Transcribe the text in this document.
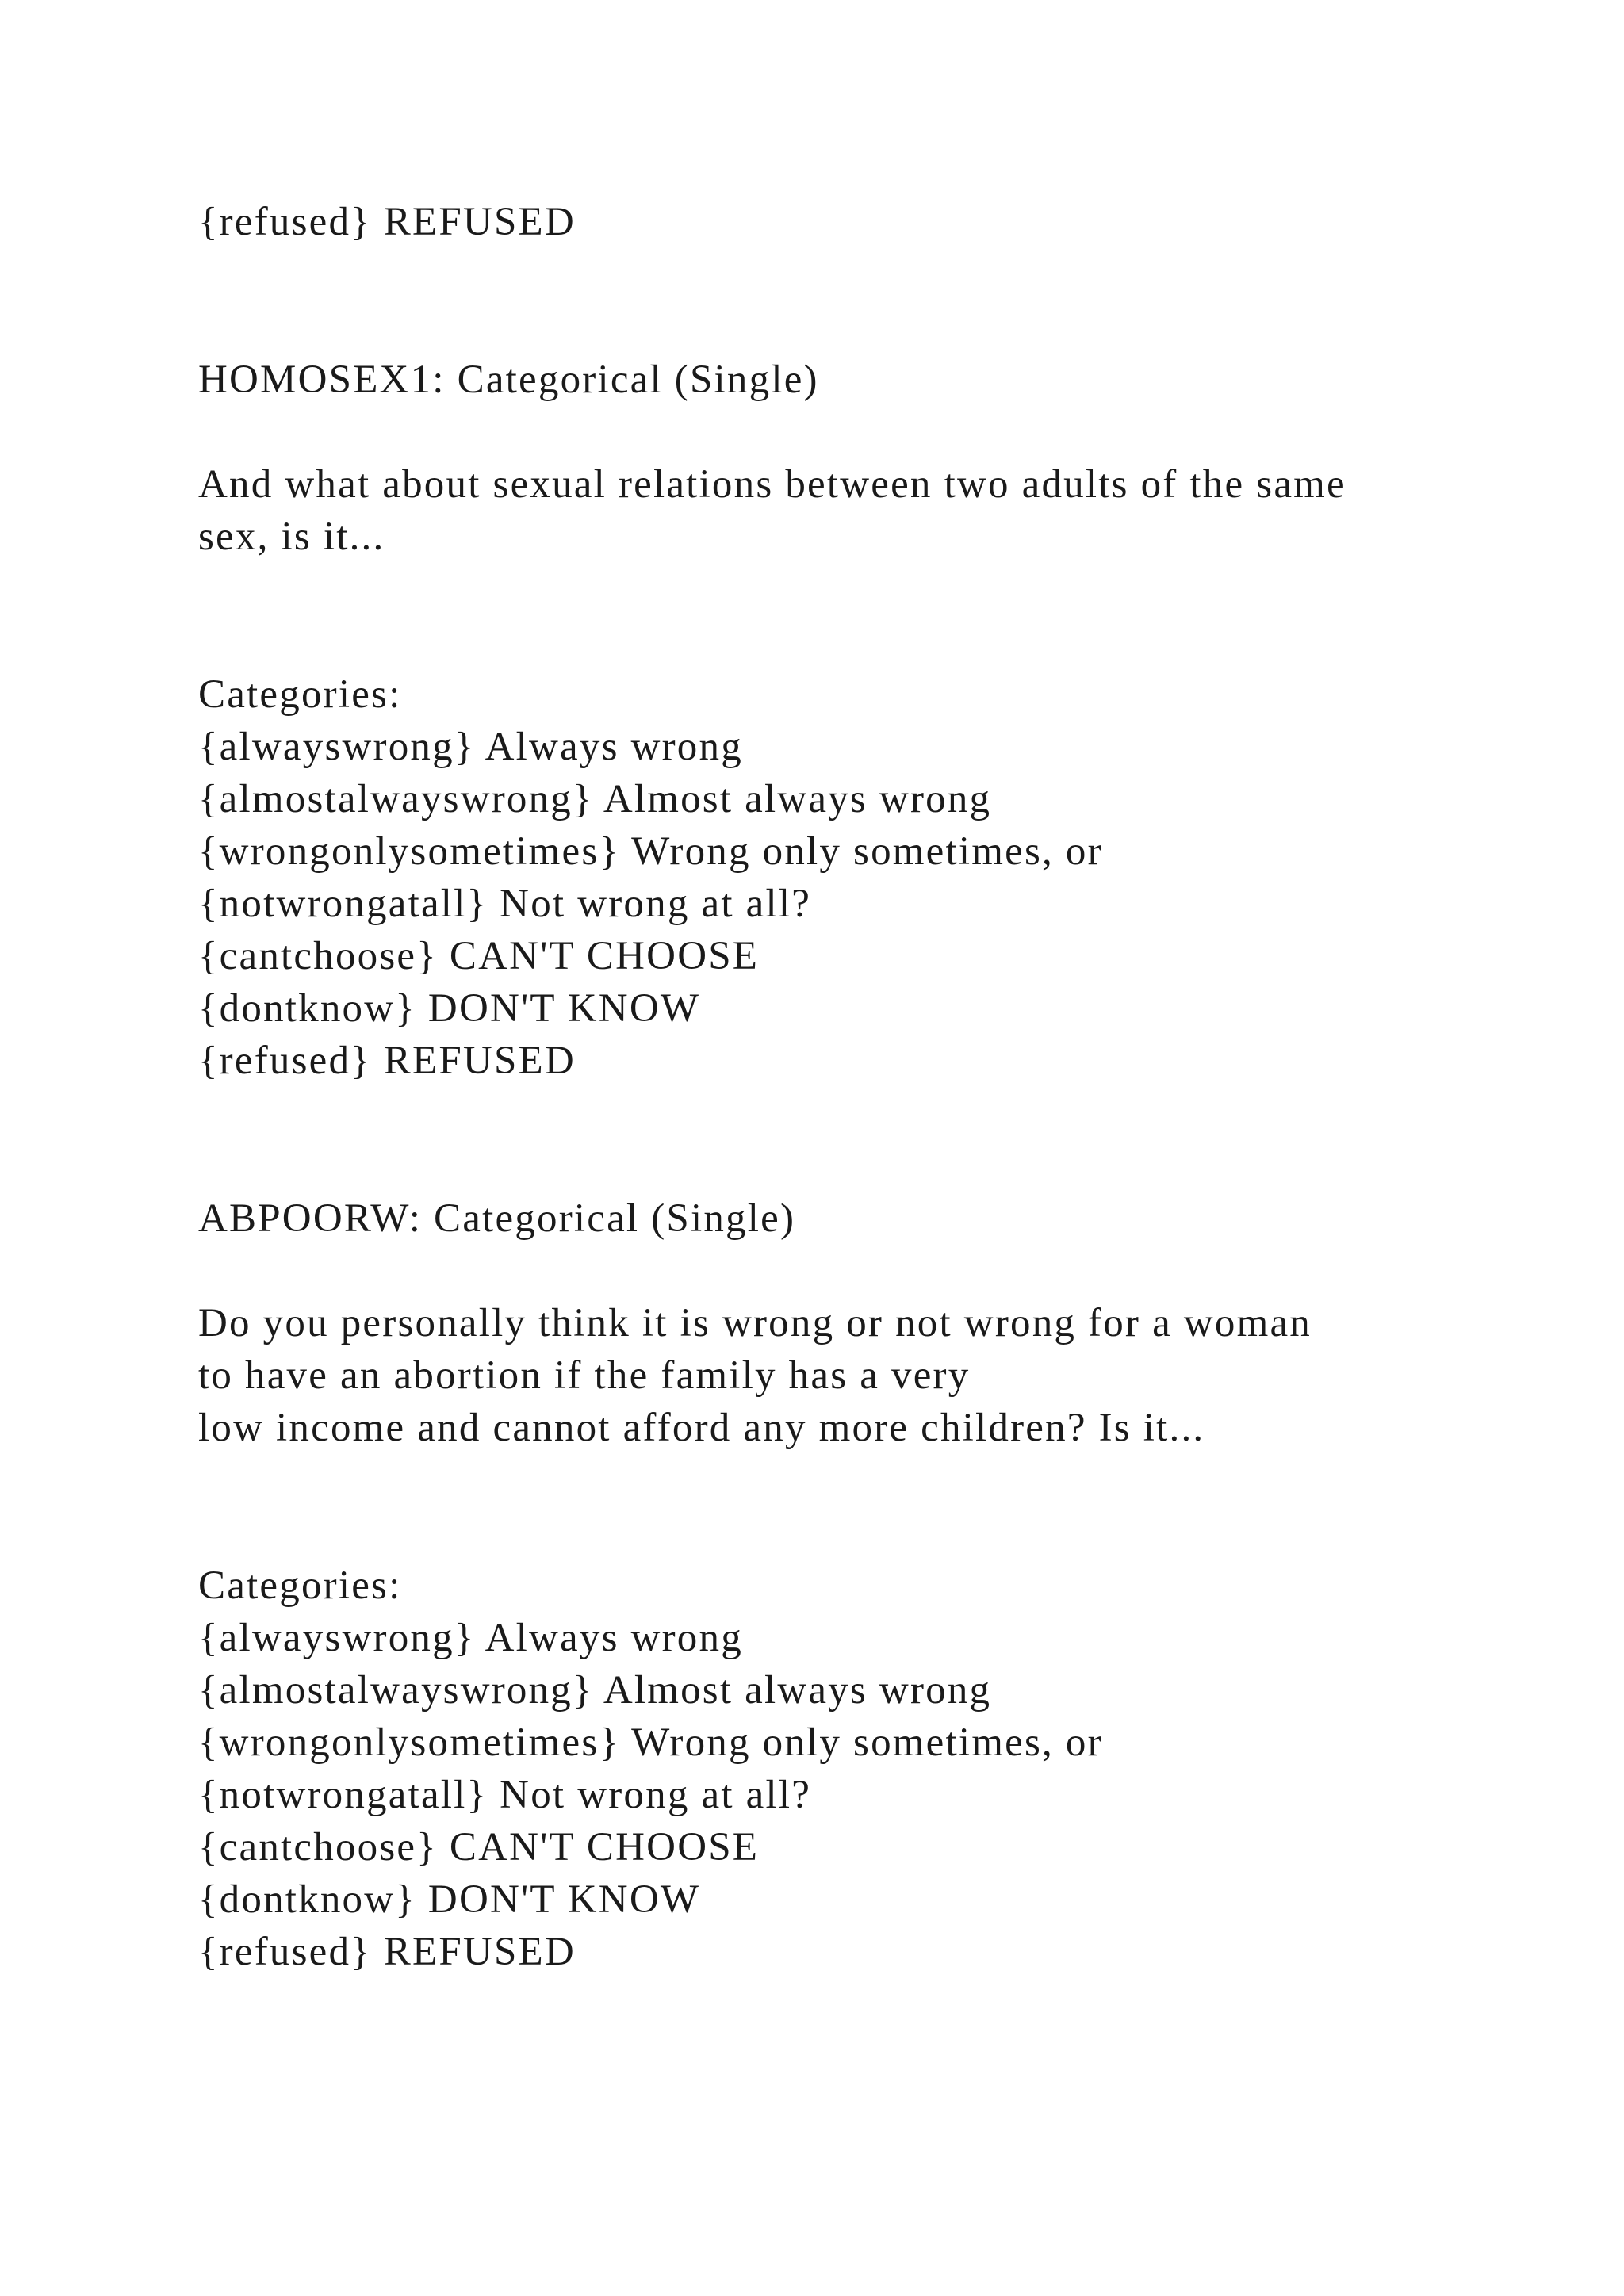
{refused} REFUSED

HOMOSEX1: Categorical (Single)

And what about sexual relations between two adults of the same

sex, is it...

Categories:

{alwayswrong} Always wrong

{almostalwayswrong} Almost always wrong

{wrongonlysometimes} Wrong only sometimes, or

{notwrongatall} Not wrong at all?

{cantchoose} CAN'T CHOOSE

{dontknow} DON'T KNOW

{refused} REFUSED

ABPOORW: Categorical (Single)

Do you personally think it is wrong or not wrong for a woman

to have an abortion if the family has a very

low income and cannot afford any more children? Is it...

Categories:

{alwayswrong} Always wrong

{almostalwayswrong} Almost always wrong

{wrongonlysometimes} Wrong only sometimes, or

{notwrongatall} Not wrong at all?

{cantchoose} CAN'T CHOOSE

{dontknow} DON'T KNOW

{refused} REFUSED
